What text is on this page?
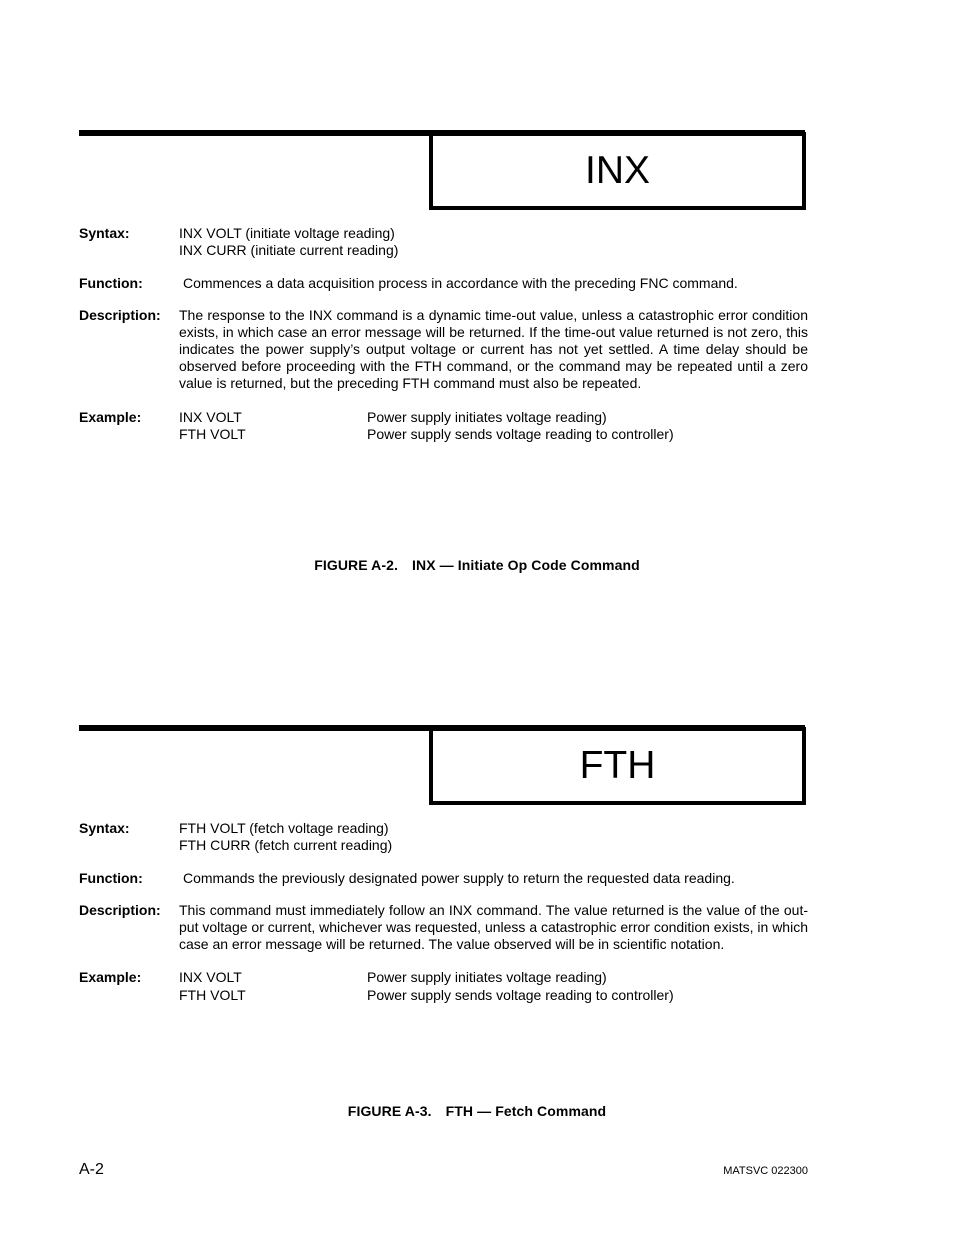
INX
Syntax:	INX VOLT (initiate voltage reading)
INX CURR (initiate current reading)
Function:	Commences a data acquisition process in accordance with the preceding FNC command.
Description: The response to the INX command is a dynamic time-out value, unless a catastrophic error condition exists, in which case an error message will be returned. If the time-out value returned is not zero, this indicates the power supply’s output voltage or current has not yet settled. A time delay should be observed before proceeding with the FTH command, or the command may be repeated until a zero value is returned, but the preceding FTH command must also be repeated.
Example:	INX VOLT	Power supply initiates voltage reading)
FTH VOLT	Power supply sends voltage reading to controller)
FIGURE A-2. INX — Initiate Op Code Command
FTH
Syntax:	FTH VOLT (fetch voltage reading)
FTH CURR (fetch current reading)
Function:	Commands the previously designated power supply to return the requested data reading.
Description: This command must immediately follow an INX command. The value returned is the value of the out-put voltage or current, whichever was requested, unless a catastrophic error condition exists, in which case an error message will be returned. The value observed will be in scientific notation.
Example:	INX VOLT	Power supply initiates voltage reading)
FTH VOLT	Power supply sends voltage reading to controller)
FIGURE A-3. FTH — Fetch Command
A-2	MATSVC 022300
